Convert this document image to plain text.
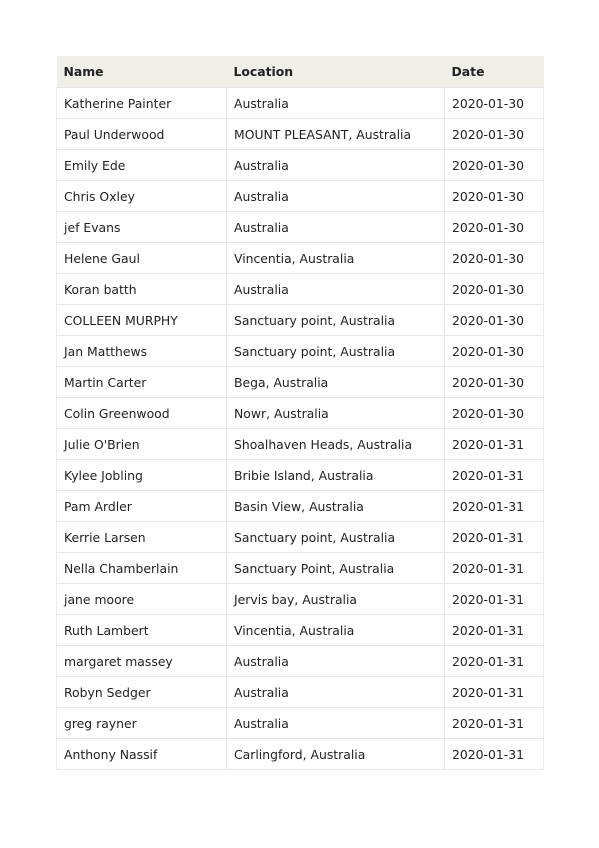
Name	Location	Date
Katherine Painter	Australia	2020-01-30
Paul Underwood	MOUNT PLEASANT, Australia	2020-01-30
Emily Ede	Australia	2020-01-30
Chris Oxley	Australia	2020-01-30
jef Evans	Australia	2020-01-30
Helene Gaul	Vincentia, Australia	2020-01-30
Koran batth	Australia	2020-01-30
COLLEEN MURPHY	Sanctuary point, Australia	2020-01-30
Jan Matthews	Sanctuary point, Australia	2020-01-30
Martin Carter	Bega, Australia	2020-01-30
Colin Greenwood	Nowr, Australia	2020-01-30
Julie O'Brien	Shoalhaven Heads, Australia	2020-01-31
Kylee Jobling	Bribie Island, Australia	2020-01-31
Pam Ardler	Basin View, Australia	2020-01-31
Kerrie Larsen	Sanctuary point, Australia	2020-01-31
Nella Chamberlain	Sanctuary Point, Australia	2020-01-31
jane moore	Jervis bay, Australia	2020-01-31
Ruth Lambert	Vincentia, Australia	2020-01-31
margaret massey	Australia	2020-01-31
Robyn Sedger	Australia	2020-01-31
greg rayner	Australia	2020-01-31
Anthony Nassif	Carlingford, Australia	2020-01-31
